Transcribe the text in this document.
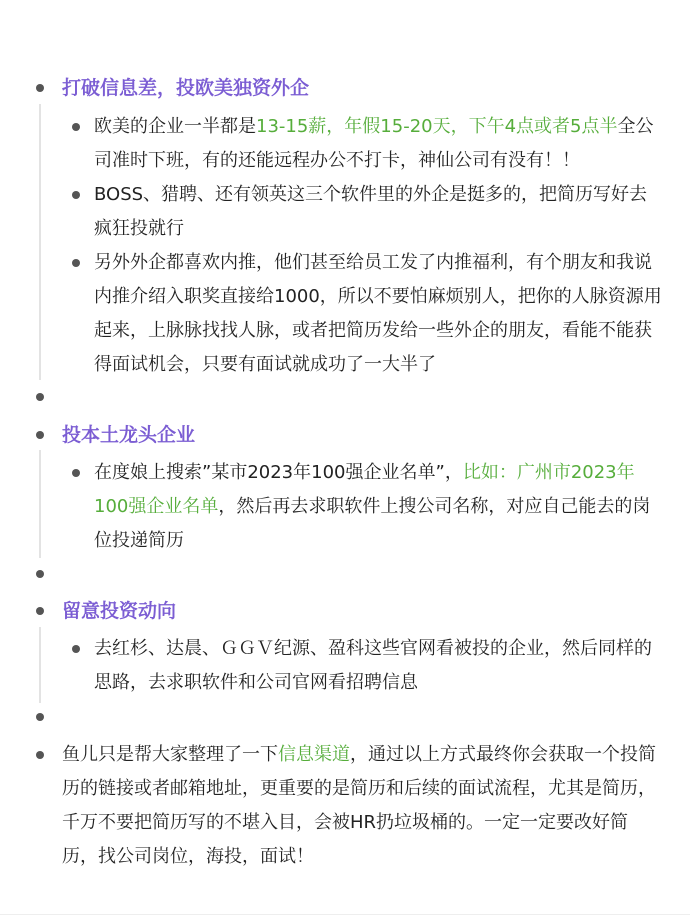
打破信息差，投欧美独资外企

欧美的企业一半都是13-15薪，年假15-20天，下午4点或者5点半全公司准时下班，有的还能远程办公不打卡，神仙公司有没有！！

BOSS、猎聘、还有领英这三个软件里的外企是挺多的，把简历写好去疯狂投就行

另外外企都喜欢内推，他们甚至给员工发了内推福利，有个朋友和我说内推介绍入职奖直接给1000，所以不要怕麻烦别人，把你的人脉资源用起来，上脉脉找找人脉，或者把简历发给一些外企的朋友，看能不能获得面试机会，只要有面试就成功了一大半了

投本土龙头企业

在度娘上搜索”某市2023年100强企业名单”，比如：广州市2023年100强企业名单，然后再去求职软件上搜公司名称，对应自己能去的岗位投递简历

留意投资动向

去红杉、达晨、ＧＧＶ纪源、盈科这些官网看被投的企业，然后同样的思路，去求职软件和公司官网看招聘信息

鱼儿只是帮大家整理了一下信息渠道，通过以上方式最终你会获取一个投简历的链接或者邮箱地址，更重要的是简历和后续的面试流程，尤其是简历，千万不要把简历写的不堪入目，会被HR扔垃圾桶的。一定一定要改好简历，找公司岗位，海投，面试！
